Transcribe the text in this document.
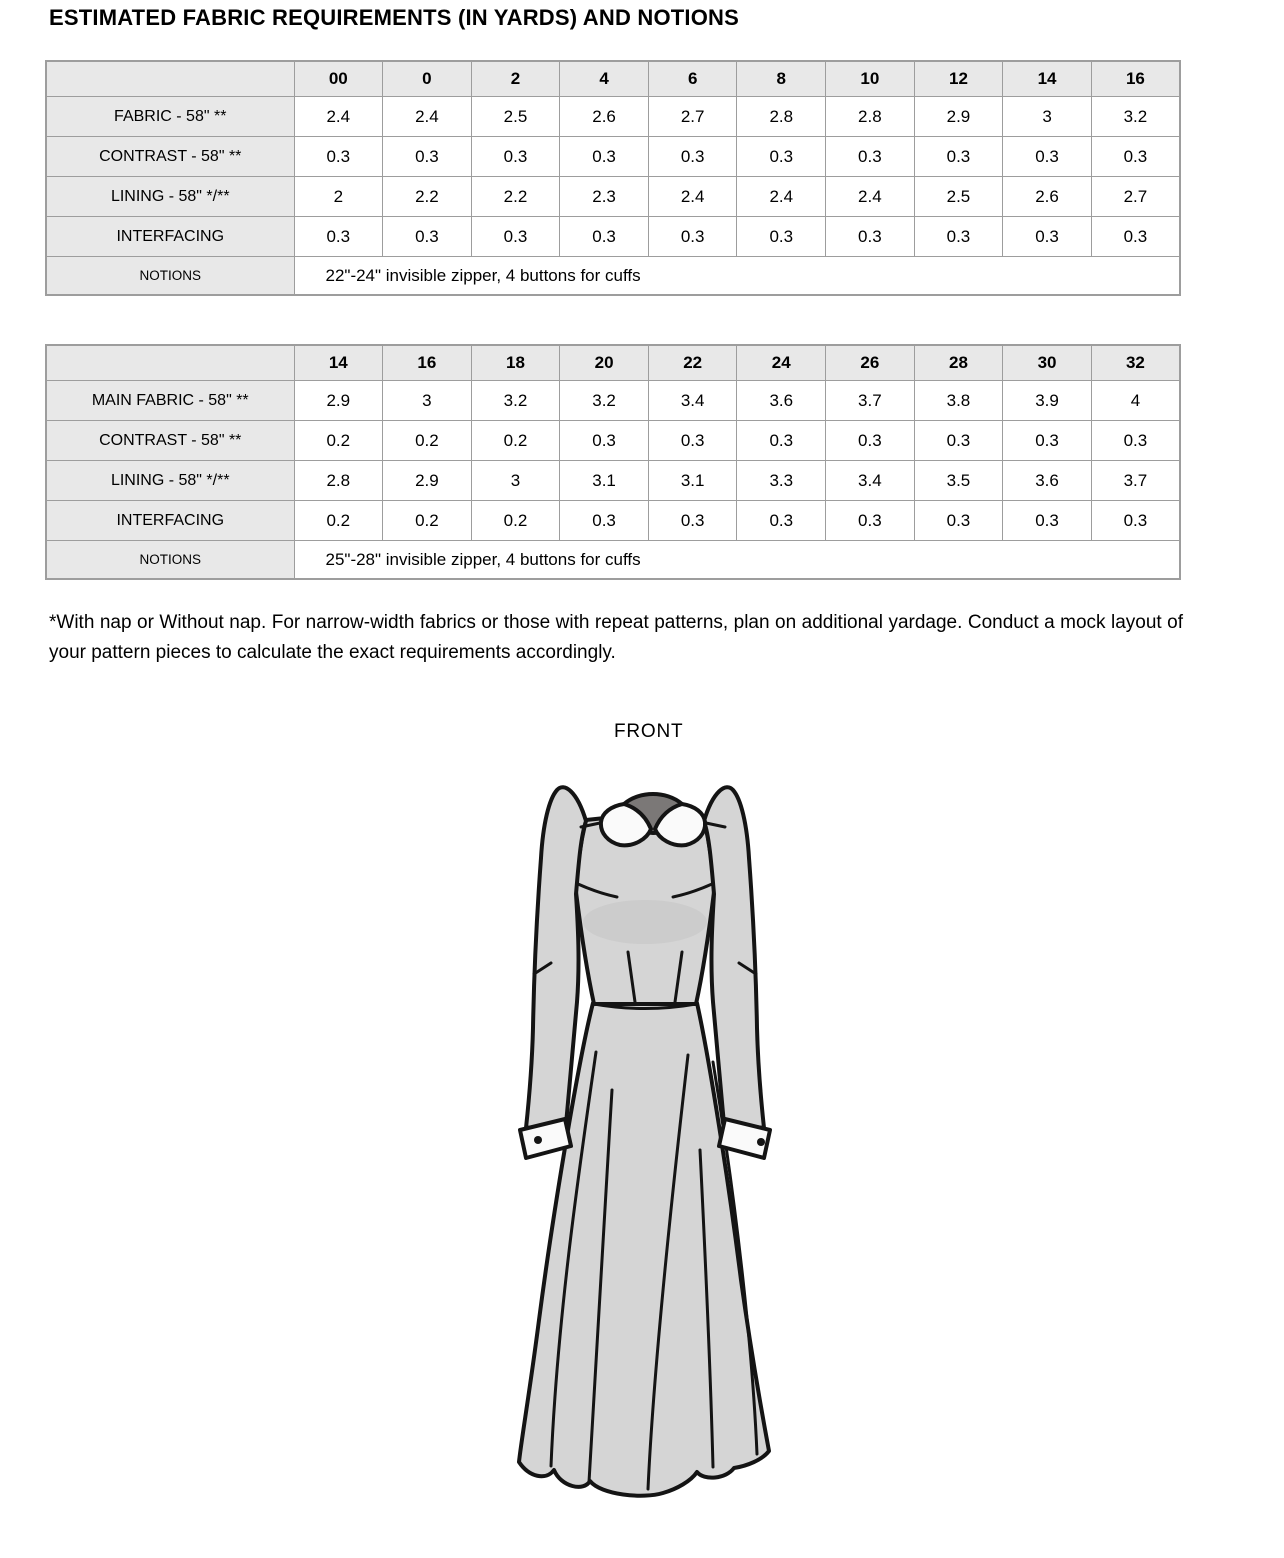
ESTIMATED FABRIC REQUIREMENTS (IN YARDS) AND NOTIONS
	00	0	2	4	6	8	10	12	14	16
FABRIC - 58" **	2.4	2.4	2.5	2.6	2.7	2.8	2.8	2.9	3	3.2
CONTRAST - 58" **	0.3	0.3	0.3	0.3	0.3	0.3	0.3	0.3	0.3	0.3
LINING - 58" */**	2	2.2	2.2	2.3	2.4	2.4	2.4	2.5	2.6	2.7
INTERFACING	0.3	0.3	0.3	0.3	0.3	0.3	0.3	0.3	0.3	0.3
NOTIONS	22"-24" invisible zipper, 4 buttons for cuffs									
	14	16	18	20	22	24	26	28	30	32
MAIN FABRIC - 58" **	2.9	3	3.2	3.2	3.4	3.6	3.7	3.8	3.9	4
CONTRAST - 58" **	0.2	0.2	0.2	0.3	0.3	0.3	0.3	0.3	0.3	0.3
LINING - 58" */**	2.8	2.9	3	3.1	3.1	3.3	3.4	3.5	3.6	3.7
INTERFACING	0.2	0.2	0.2	0.3	0.3	0.3	0.3	0.3	0.3	0.3
NOTIONS	25"-28" invisible zipper, 4 buttons for cuffs									
*With nap or Without nap. For narrow-width fabrics or those with repeat patterns, plan on additional yardage. Conduct a mock layout of your pattern pieces to calculate the exact requirements accordingly.
FRONT
